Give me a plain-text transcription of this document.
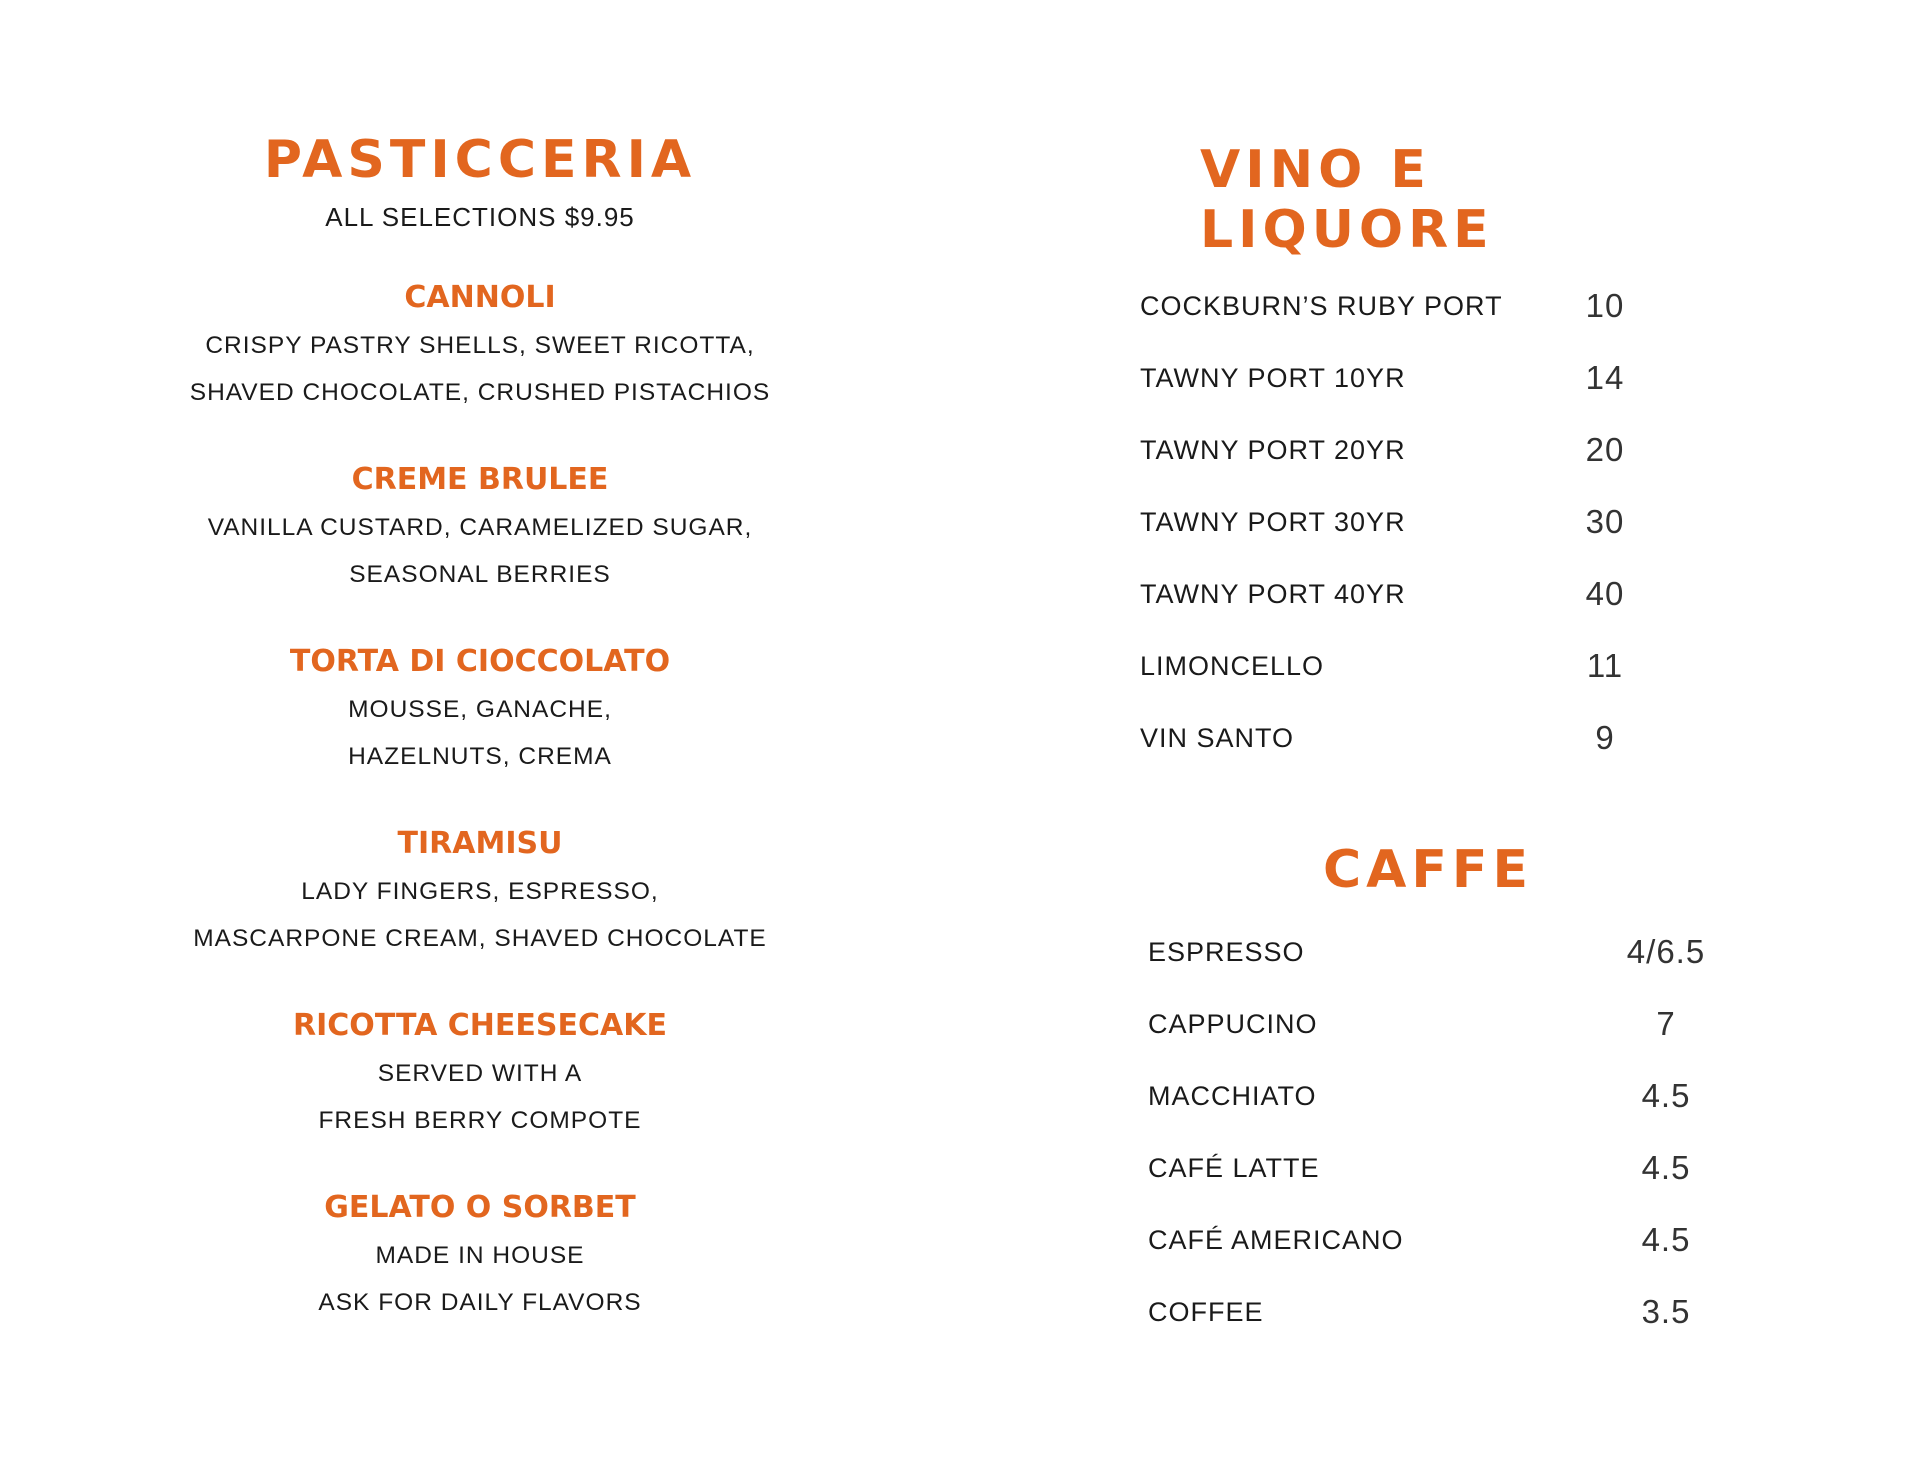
PASTICCERIA
ALL SELECTIONS $9.95
CANNOLI
CRISPY PASTRY SHELLS, SWEET RICOTTA,
SHAVED CHOCOLATE, CRUSHED PISTACHIOS
CREME BRULEE
VANILLA CUSTARD, CARAMELIZED SUGAR,
SEASONAL BERRIES
TORTA DI CIOCCOLATO
MOUSSE, GANACHE,
HAZELNUTS, CREMA
TIRAMISU
LADY FINGERS, ESPRESSO,
MASCARPONE CREAM, SHAVED CHOCOLATE
RICOTTA CHEESECAKE
SERVED WITH A
FRESH BERRY COMPOTE
GELATO O SORBET
MADE IN HOUSE
ASK FOR DAILY FLAVORS
VINO E LIQUORE
COCKBURN’S RUBY PORT	10
TAWNY PORT 10YR	14
TAWNY PORT 20YR	20
TAWNY PORT 30YR	30
TAWNY PORT 40YR	40
LIMONCELLO	11
VIN SANTO	9
CAFFE
ESPRESSO	4/6.5
CAPPUCINO	7
MACCHIATO	4.5
CAFÉ LATTE	4.5
CAFÉ AMERICANO	4.5
COFFEE	3.5
